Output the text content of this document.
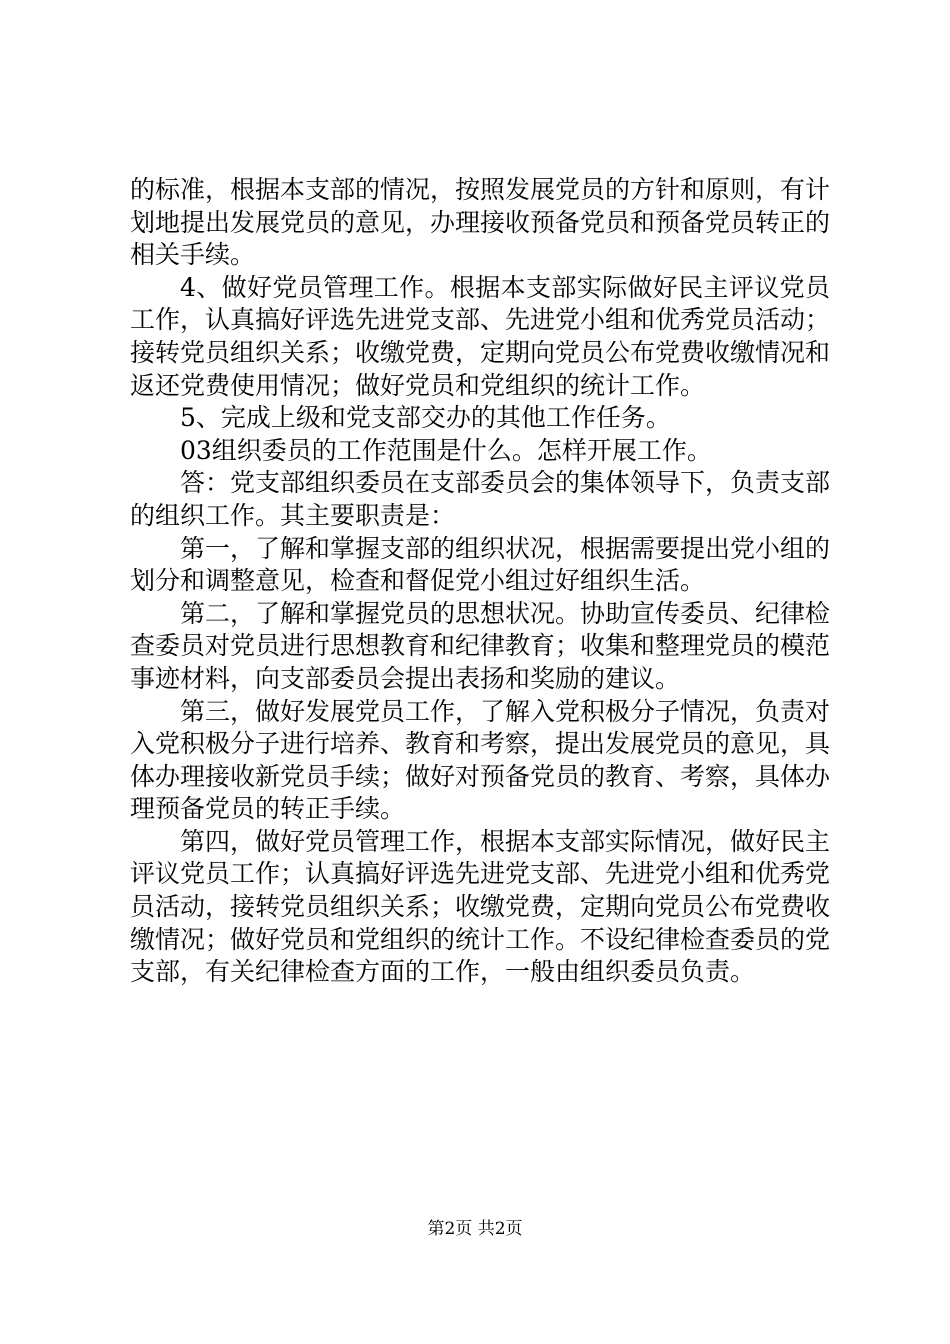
的标准，根据本支部的情况，按照发展党员的方针和原则，有计划地提出发展党员的意见，办理接收预备党员和预备党员转正的相关手续。

4、做好党员管理工作。根据本支部实际做好民主评议党员工作，认真搞好评选先进党支部、先进党小组和优秀党员活动；接转党员组织关系；收缴党费，定期向党员公布党费收缴情况和返还党费使用情况；做好党员和党组织的统计工作。

5、完成上级和党支部交办的其他工作任务。

03组织委员的工作范围是什么。怎样开展工作。

答：党支部组织委员在支部委员会的集体领导下，负责支部的组织工作。其主要职责是：

第一，了解和掌握支部的组织状况，根据需要提出党小组的划分和调整意见，检查和督促党小组过好组织生活。

第二，了解和掌握党员的思想状况。协助宣传委员、纪律检查委员对党员进行思想教育和纪律教育；收集和整理党员的模范事迹材料，向支部委员会提出表扬和奖励的建议。

第三，做好发展党员工作，了解入党积极分子情况，负责对入党积极分子进行培养、教育和考察，提出发展党员的意见，具体办理接收新党员手续；做好对预备党员的教育、考察，具体办理预备党员的转正手续。

第四，做好党员管理工作，根据本支部实际情况，做好民主评议党员工作；认真搞好评选先进党支部、先进党小组和优秀党员活动，接转党员组织关系；收缴党费，定期向党员公布党费收缴情况；做好党员和党组织的统计工作。不设纪律检查委员的党支部，有关纪律检查方面的工作，一般由组织委员负责。

第2页 共2页
